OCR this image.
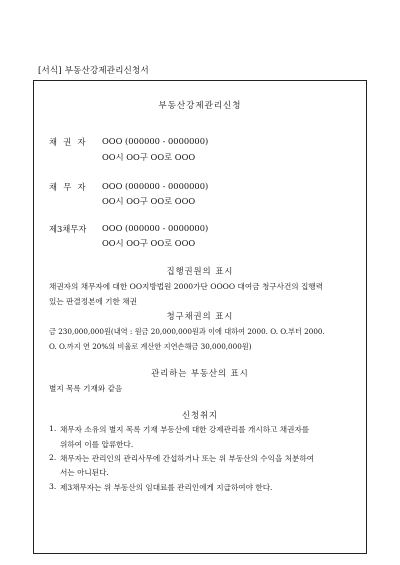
[서식] 부동산강제관리신청서
부동산강제관리신청
채 권 자 OOO (000000 - 0000000)
OO시 OO구 OO로 OOO
채 무 자 OOO (000000 - 0000000)
OO시 OO구 OO로 OOO
제3채무자 OOO (000000 - 0000000)
OO시 OO구 OO로 OOO
집행권원의 표시
채권자의 채무자에 대한 OO지방법원 2000가단 OOOO 대여금 청구사건의 집행력
있는 판결정본에 기한 채권
청구채권의 표시
금 230,000,000원(내역 : 원금 20,000,000원과 이에 대하여 2000. O. O.부터 2000.
O. O.까지 연 20%의 비율로 계산한 지연손해금 30,000,000원)
관리하는 부동산의 표시
별지 목록 기재와 같음
신청취지
1. 채무자 소유의 별지 목록 기재 부동산에 대한 강제관리를 개시하고 채권자를
위하여 이를 압류한다.
2. 채무자는 관리인의 관리사무에 간섭하거나 또는 위 부동산의 수익을 처분하여
서는 아니된다.
3. 제3채무자는 위 부동산의 임대료를 관리인에게 지급하여야 한다.
